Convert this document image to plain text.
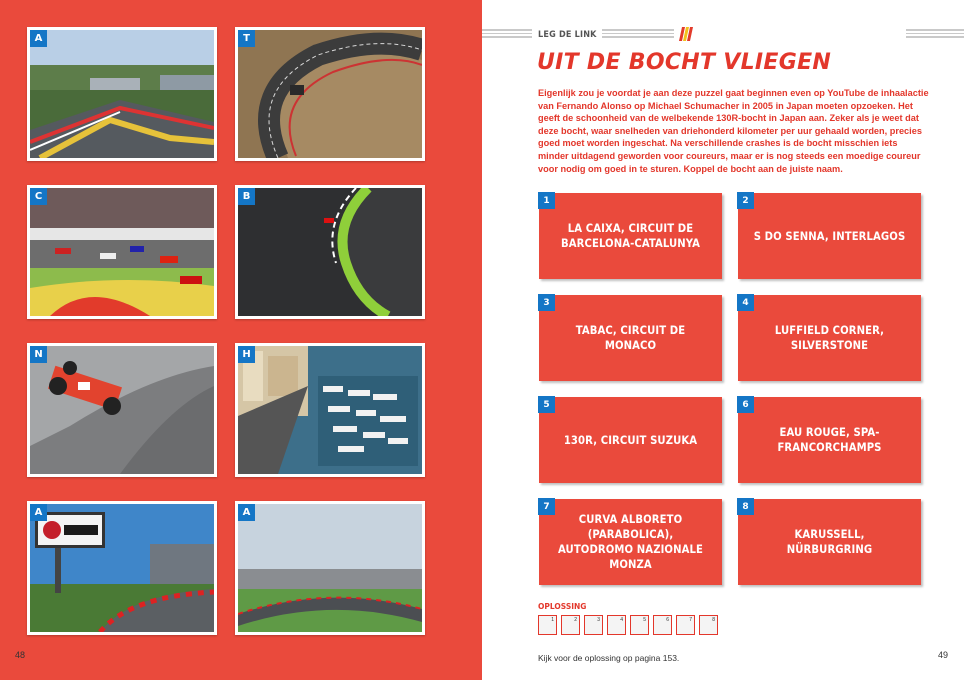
A	T
C	B
N	H
A	A
48
LEG DE LINK
UIT DE BOCHT VLIEGEN
Eigenlijk zou je voordat je aan deze puzzel gaat beginnen even op YouTube de inhaalactie van Fernando Alonso op Michael Schumacher in 2005 in Japan moeten opzoeken. Het geeft de schoonheid van de welbekende 130R-bocht in Japan aan. Zeker als je weet dat deze bocht, waar snelheden van driehonderd kilometer per uur gehaald worden, precies goed moet worden ingeschat. Na verschillende crashes is de bocht misschien iets minder uitdagend geworden voor coureurs, maar er is nog steeds een moedige coureur voor nodig om goed in te sturen. Koppel de bocht aan de juiste naam.
1
LA CAIXA, CIRCUIT DE BARCELONA-CATALUNYA
2
S DO SENNA, INTERLAGOS
3
TABAC, CIRCUIT DE MONACO
4
LUFFIELD CORNER, SILVERSTONE
5
130R, CIRCUIT SUZUKA
6
EAU ROUGE, SPA-FRANCORCHAMPS
7
CURVA ALBORETO (PARABOLICA), AUTODROMO NAZIONALE MONZA
8
KARUSSELL, NÜRBURGRING
OPLOSSING
1	2	3	4	5	6	7	8
Kijk voor de oplossing op pagina 153.	49
